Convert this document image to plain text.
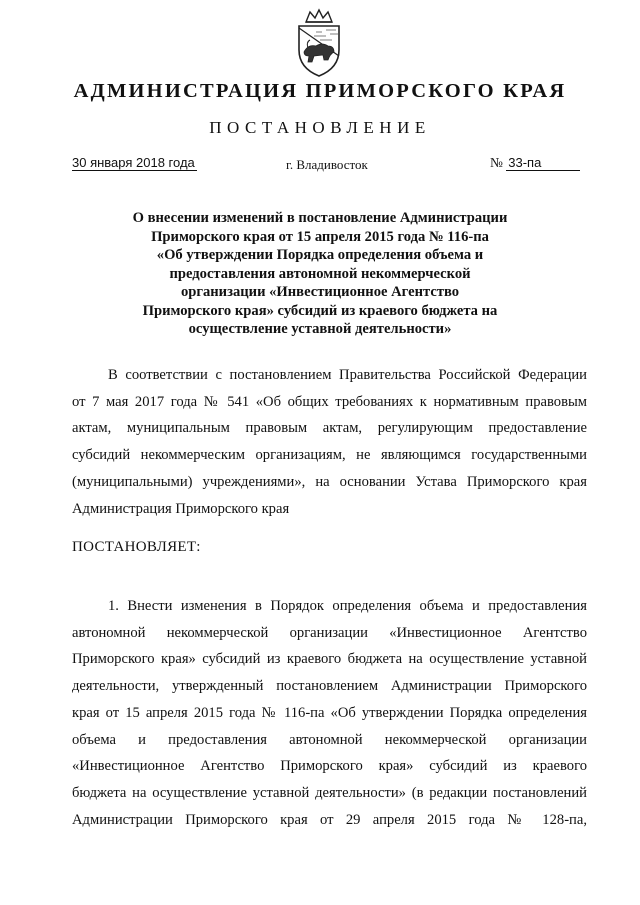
АДМИНИСТРАЦИЯ ПРИМОРСКОГО КРАЯ
ПОСТАНОВЛЕНИЕ
30 января 2018 года	г. Владивосток	№ 33-па
О внесении изменений в постановление Администрации
Приморского края от 15 апреля 2015 года № 116-па
«Об утверждении Порядка определения объема и
предоставления автономной некоммерческой
организации «Инвестиционное Агентство
Приморского края» субсидий из краевого бюджета на
осуществление уставной деятельности»
В соответствии с постановлением Правительства Российской Федерации
от 7 мая 2017 года № 541 «Об общих требованиях к нормативным правовым
актам, муниципальным правовым актам, регулирующим предоставление
субсидий некоммерческим организациям, не являющимся государственными
(муниципальными) учреждениями», на основании Устава Приморского края
Администрация Приморского края
ПОСТАНОВЛЯЕТ:
1. Внести изменения в Порядок определения объема и предоставления
автономной некоммерческой организации «Инвестиционное Агентство
Приморского края» субсидий из краевого бюджета на осуществление уставной
деятельности, утвержденный постановлением Администрации Приморского
края от 15 апреля 2015 года № 116-па «Об утверждении Порядка определения
объема и предоставления автономной некоммерческой организации
«Инвестиционное Агентство Приморского края» субсидий из краевого
бюджета на осуществление уставной деятельности» (в редакции постановлений
Администрации Приморского края от 29 апреля 2015 года № 128-па,
